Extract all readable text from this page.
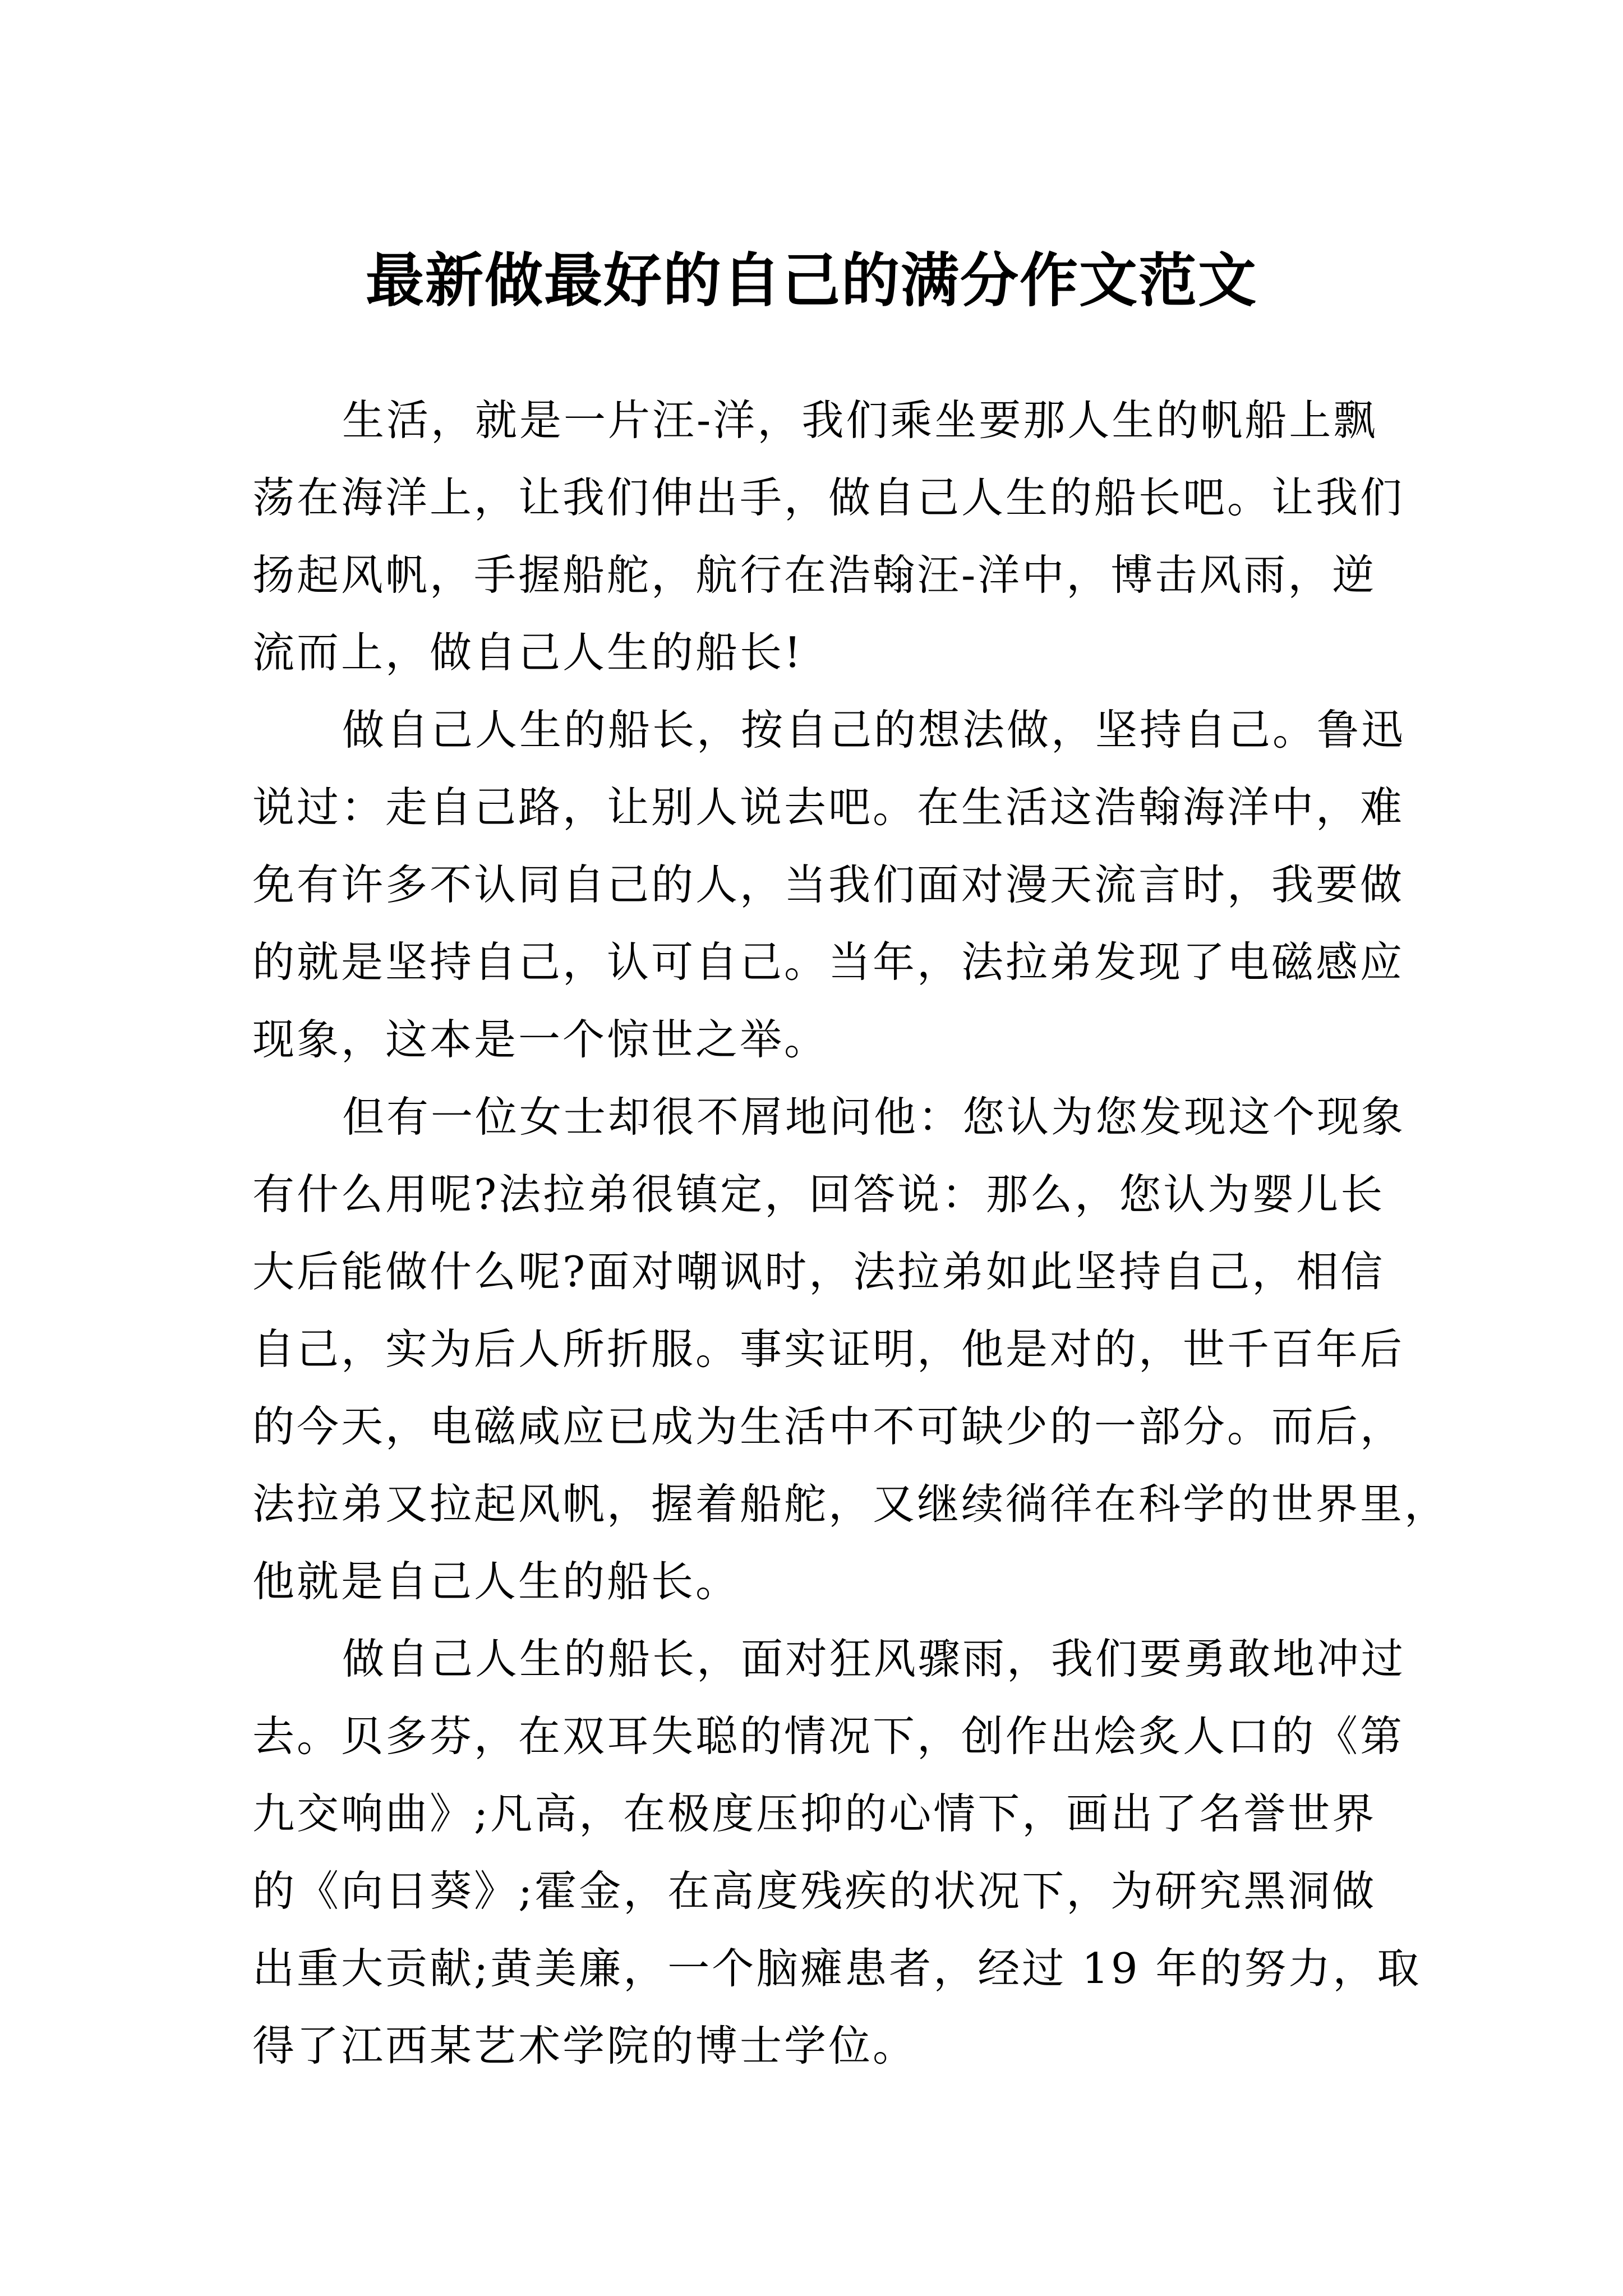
最新做最好的自己的满分作文范文
生活，就是一片汪-洋，我们乘坐要那人生的帆船上飘
荡在海洋上，让我们伸出手，做自己人生的船长吧。让我们
扬起风帆，手握船舵，航行在浩翰汪-洋中，博击风雨，逆
流而上，做自己人生的船长!
做自己人生的船长，按自己的想法做，坚持自己。鲁迅
说过：走自己路，让别人说去吧。在生活这浩翰海洋中，难
免有许多不认同自己的人，当我们面对漫天流言时，我要做
的就是坚持自己，认可自己。当年，法拉弟发现了电磁感应
现象，这本是一个惊世之举。
但有一位女士却很不屑地问他：您认为您发现这个现象
有什么用呢?法拉弟很镇定，回答说：那么，您认为婴儿长
大后能做什么呢?面对嘲讽时，法拉弟如此坚持自己，相信
自己，实为后人所折服。事实证明，他是对的，世千百年后
的今天，电磁咸应已成为生活中不可缺少的一部分。而后，
法拉弟又拉起风帆，握着船舵，又继续徜徉在科学的世界里，
他就是自己人生的船长。
做自己人生的船长，面对狂风骤雨，我们要勇敢地冲过
去。贝多芬，在双耳失聪的情况下，创作出烩炙人口的《第
九交响曲》;凡高，在极度压抑的心情下，画出了名誉世界
的《向日葵》;霍金，在高度残疾的状况下，为研究黑洞做
出重大贡献;黄美廉，一个脑瘫患者，经过 19 年的努力，取
得了江西某艺术学院的博士学位。
